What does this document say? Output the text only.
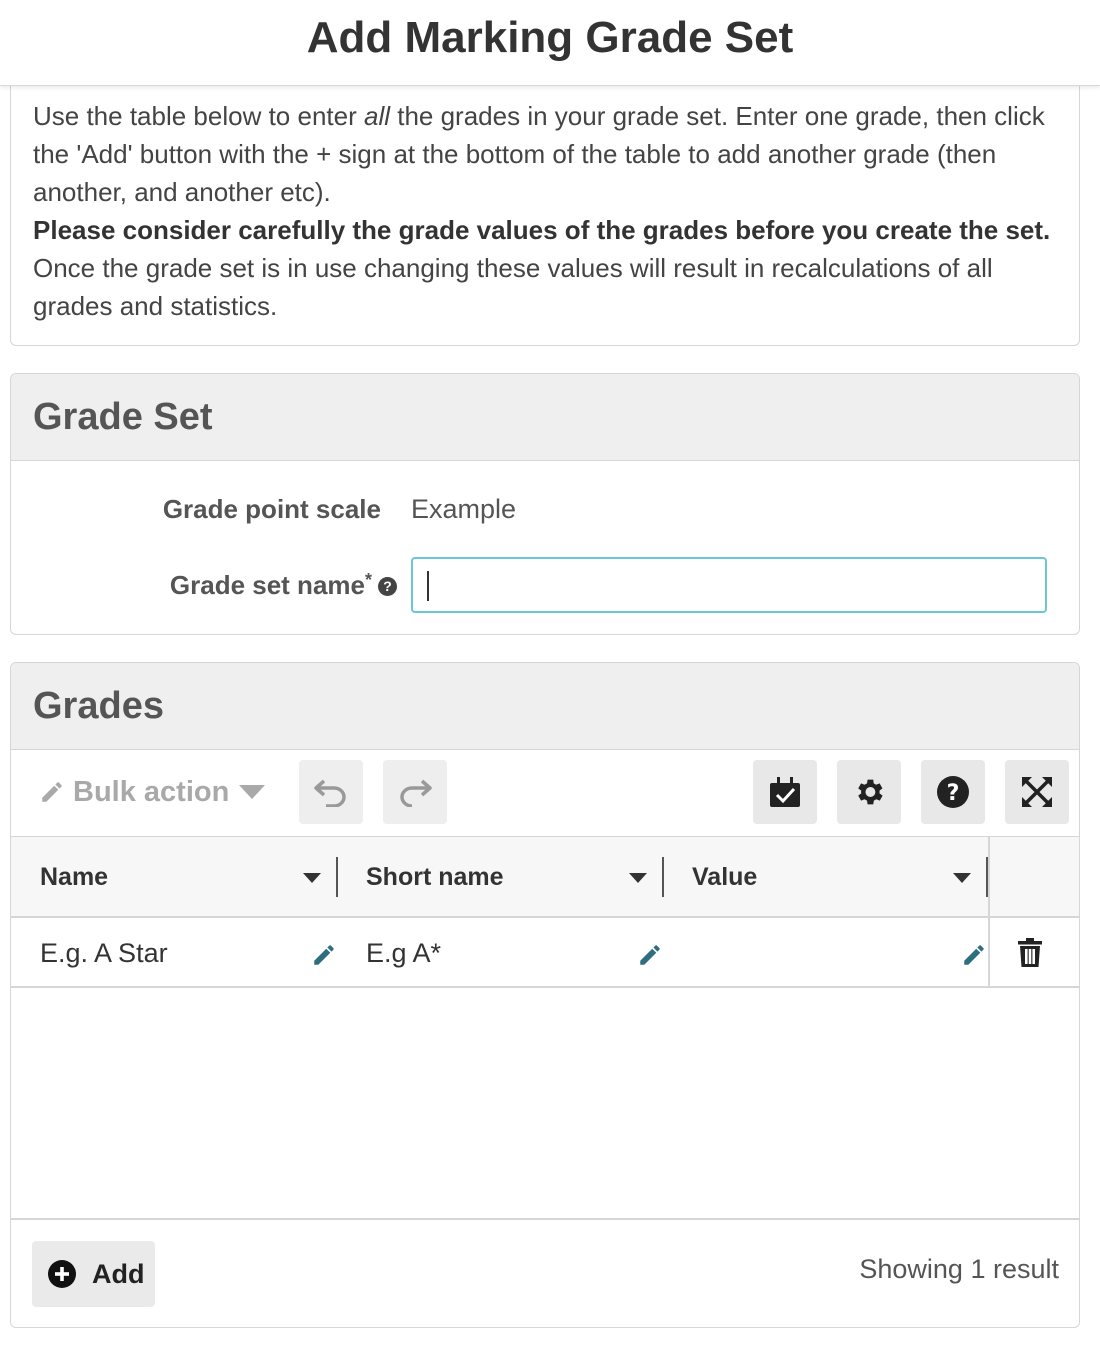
Add Marking Grade Set

Use the table below to enter all the grades in your grade set. Enter one grade, then click the 'Add' button with the + sign at the bottom of the table to add another grade (then another, and another etc).

Please consider carefully the grade values of the grades before you create the set. Once the grade set is in use changing these values will result in recalculations of all grades and statistics.

Grade Set
Grade point scale	Example
Grade set name* ?
Grades
Bulk action	?
Name	Short name	Value
E.g. A Star	E.g A*
Add	Showing 1 result
